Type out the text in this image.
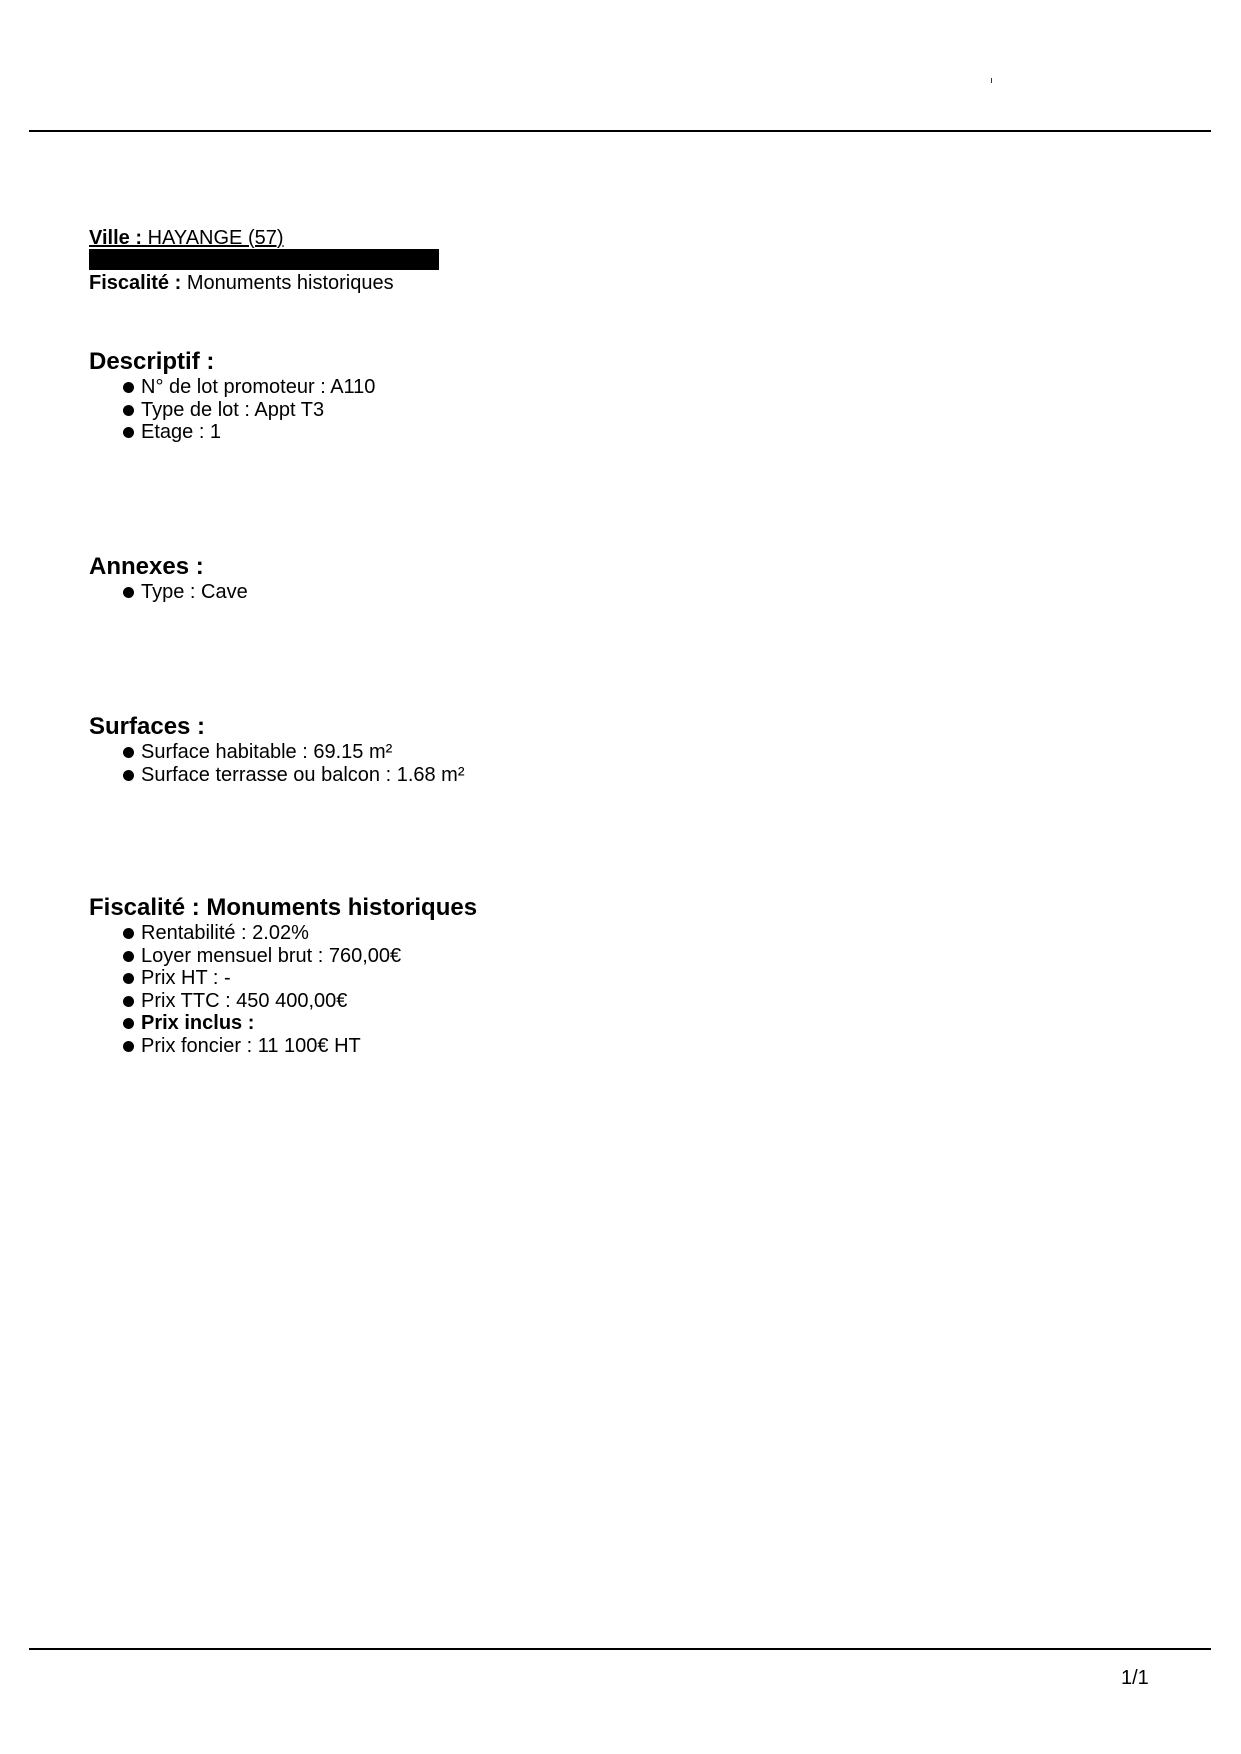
Ville : HAYANGE (57)
Fiscalité : Monuments historiques
Descriptif :
N° de lot promoteur : A110
Type de lot : Appt T3
Etage : 1
Annexes :
Type : Cave
Surfaces :
Surface habitable : 69.15 m²
Surface terrasse ou balcon : 1.68 m²
Fiscalité : Monuments historiques
Rentabilité : 2.02%
Loyer mensuel brut : 760,00€
Prix HT : -
Prix TTC : 450 400,00€
Prix inclus :
Prix foncier : 11 100€ HT
1/1
